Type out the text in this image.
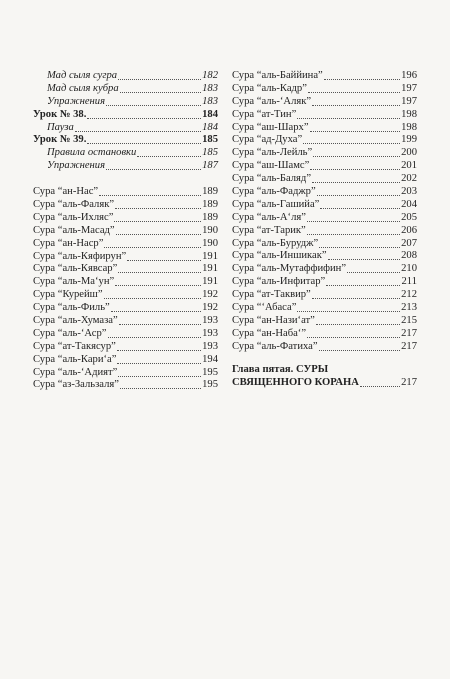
Мад сыля сугра	182
Мад сыля кубра	183
Упражнения	183
Урок № 38.	184
Пауза	184
Урок № 39.	185
Правила остановки	185
Упражнения	187
Сура “ан-Нас”	189
Сура “аль-Фаляк”	189
Сура “аль-Ихляс”	189
Сура “аль-Масад”	190
Сура “ан-Наср”	190
Сура “аль-Кяфирун”	191
Сура “аль-Кявсар”	191
Сура “аль-Ма‘ун”	191
Сура “Курейш”	192
Сура “аль-Филь”	192
Сура “аль-Хумаза”	193
Сура “аль-‘Аср”	193
Сура “ат-Такясур”	193
Сура “аль-Кари‘а”	194
Сура “аль-‘Адият”	195
Сура “аз-Зальзаля”	195
Сура “аль-Баййина”	196
Сура “аль-Кадр”	197
Сура “аль-‘Аляк”	197
Сура “ат-Тин”	198
Сура “аш-Шарх”	198
Сура “ад-Духа”	199
Сура “аль-Лейль”	200
Сура “аш-Шамс”	201
Сура “аль-Баляд”	202
Сура “аль-Фаджр”	203
Сура “аль-Гашийа”	204
Сура “аль-А‘ля”	205
Сура “ат-Тарик”	206
Сура “аль-Бурудж”	207
Сура “аль-Иншикак”	208
Сура “аль-Мутаффифин”	210
Сура “аль-Инфитар”	211
Сура “ат-Таквир”	212
Сура “‘Абаса”	213
Сура “ан-Нази‘ат”	215
Сура “ан-Наба‘”	217
Сура “аль-Фатиха”	217
Глава пятая. СУРЫ
СВЯЩЕННОГО КОРАНА	217
